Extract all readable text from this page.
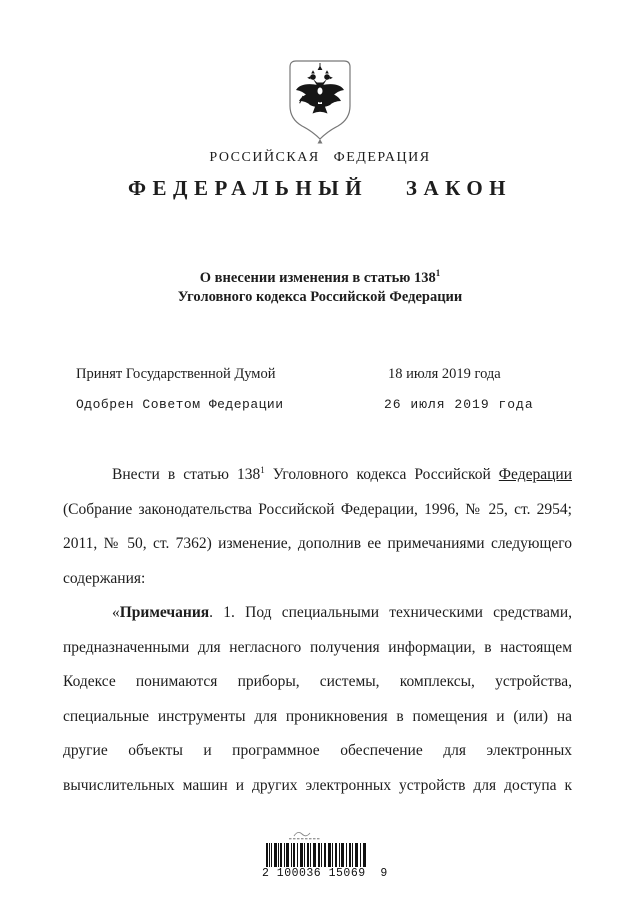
РОССИЙСКАЯ ФЕДЕРАЦИЯ
ФЕДЕРАЛЬНЫЙ ЗАКОН
О внесении изменения в статью $138^1$
Уголовного кодекса Российской Федерации
Принят Государственной Думой	18 июля 2019 года
Одобрен Советом Федерации	26 июля 2019 года
Внести в статью $138^1$ Уголовного кодекса Российской Федерации
(Собрание законодательства Российской Федерации, 1996, № 25, ст. 2954;
2011, № 50, ст. 7362) изменение, дополнив ее примечаниями следующего
содержания:
«Примечания. 1. Под специальными техническими средствами,
предназначенными для негласного получения информации, в настоящем
Кодексе понимаются приборы, системы, комплексы, устройства,
специальные инструменты для проникновения в помещения и (или) на
другие объекты и программное обеспечение для электронных
вычислительных машин и других электронных устройств для доступа к
2 100036 15069  9
